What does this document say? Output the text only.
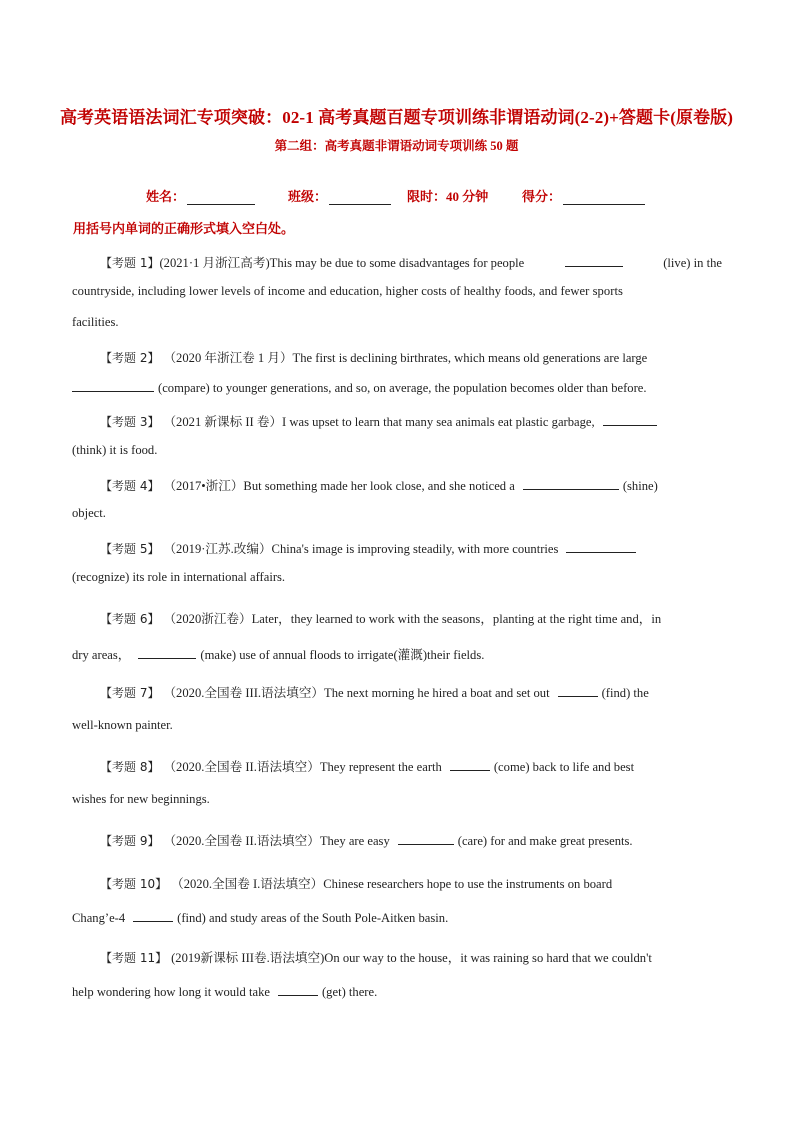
高考英语语法词汇专项突破：02-1 高考真题百题专项训练非谓语动词(2-2)+答题卡(原卷版)
第二组：高考真题非谓语动词专项训练 50 题
姓名：	班级：	限时：40 分钟	得分：
用括号内单词的正确形式填入空白处。
【考题 1】(2021·1 月浙江高考)This may be due to some disadvantages for people	(live) in the
countryside, including lower levels of income and education, higher costs of healthy foods, and fewer sports
facilities.
【考题 2】 （2020 年浙江卷 1 月）The first is declining birthrates, which means old generations are large
(compare) to younger generations, and so, on average, the population becomes older than before.
【考题 3】 （2021 新课标 II 卷）I was upset to learn that many sea animals eat plastic garbage,
(think) it is food.
【考题 4】 （2017•浙江）But something made her look close, and she noticed a	(shine)
object.
【考题 5】 （2019·江苏.改编）China's image is improving steadily, with more countries
(recognize) its role in international affairs.
【考题 6】 （2020浙江卷）Later，they learned to work with the seasons，planting at the right time and，in
dry areas，	(make) use of annual floods to irrigate(灌溉)their fields.
【考题 7】 （2020.全国卷 III.语法填空）The next morning he hired a boat and set out	(find) the
well-known painter.
【考题 8】 （2020.全国卷 II.语法填空）They represent the earth	(come) back to life and best
wishes for new beginnings.
【考题 9】 （2020.全国卷 II.语法填空）They are easy	(care) for and make great presents.
【考题 10】 （2020.全国卷 I.语法填空）Chinese researchers hope to use the instruments on board
Chang’e-4	(find) and study areas of the South Pole-Aitken basin.
【考题 11】 (2019新课标 III卷.语法填空)On our way to the house，it was raining so hard that we couldn't
help wondering how long it would take	(get) there.
